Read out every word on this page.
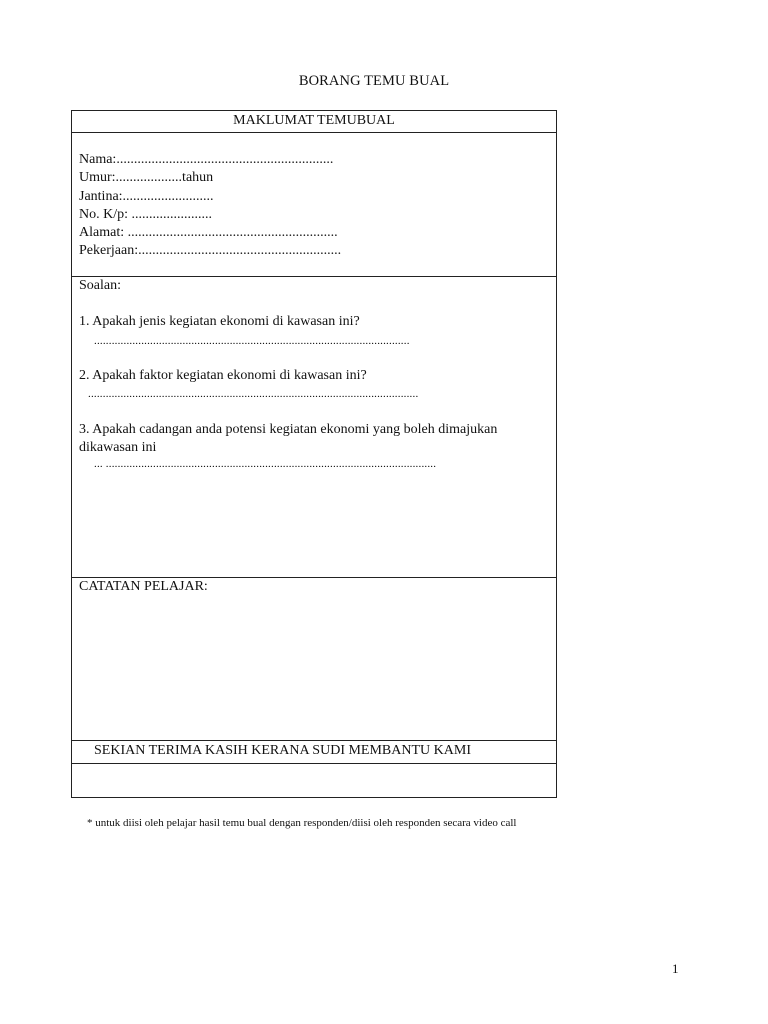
BORANG TEMU BUAL
MAKLUMAT TEMUBUAL
Nama:..............................................................
Umur:...................tahun
Jantina:..........................
No. K/p: .......................
Alamat: ............................................................
Pekerjaan:..........................................................
Soalan:
1. Apakah jenis kegiatan ekonomi di kawasan ini?
...........................................................................................................
2. Apakah faktor kegiatan ekonomi di kawasan ini?
................................................................................................................
3. Apakah cadangan anda potensi kegiatan ekonomi yang boleh dimajukan dikawasan ini
... ................................................................................................................
CATATAN PELAJAR:
SEKIAN TERIMA KASIH KERANA SUDI MEMBANTU KAMI
* untuk diisi oleh pelajar hasil temu bual dengan responden/diisi oleh responden secara video call
1
